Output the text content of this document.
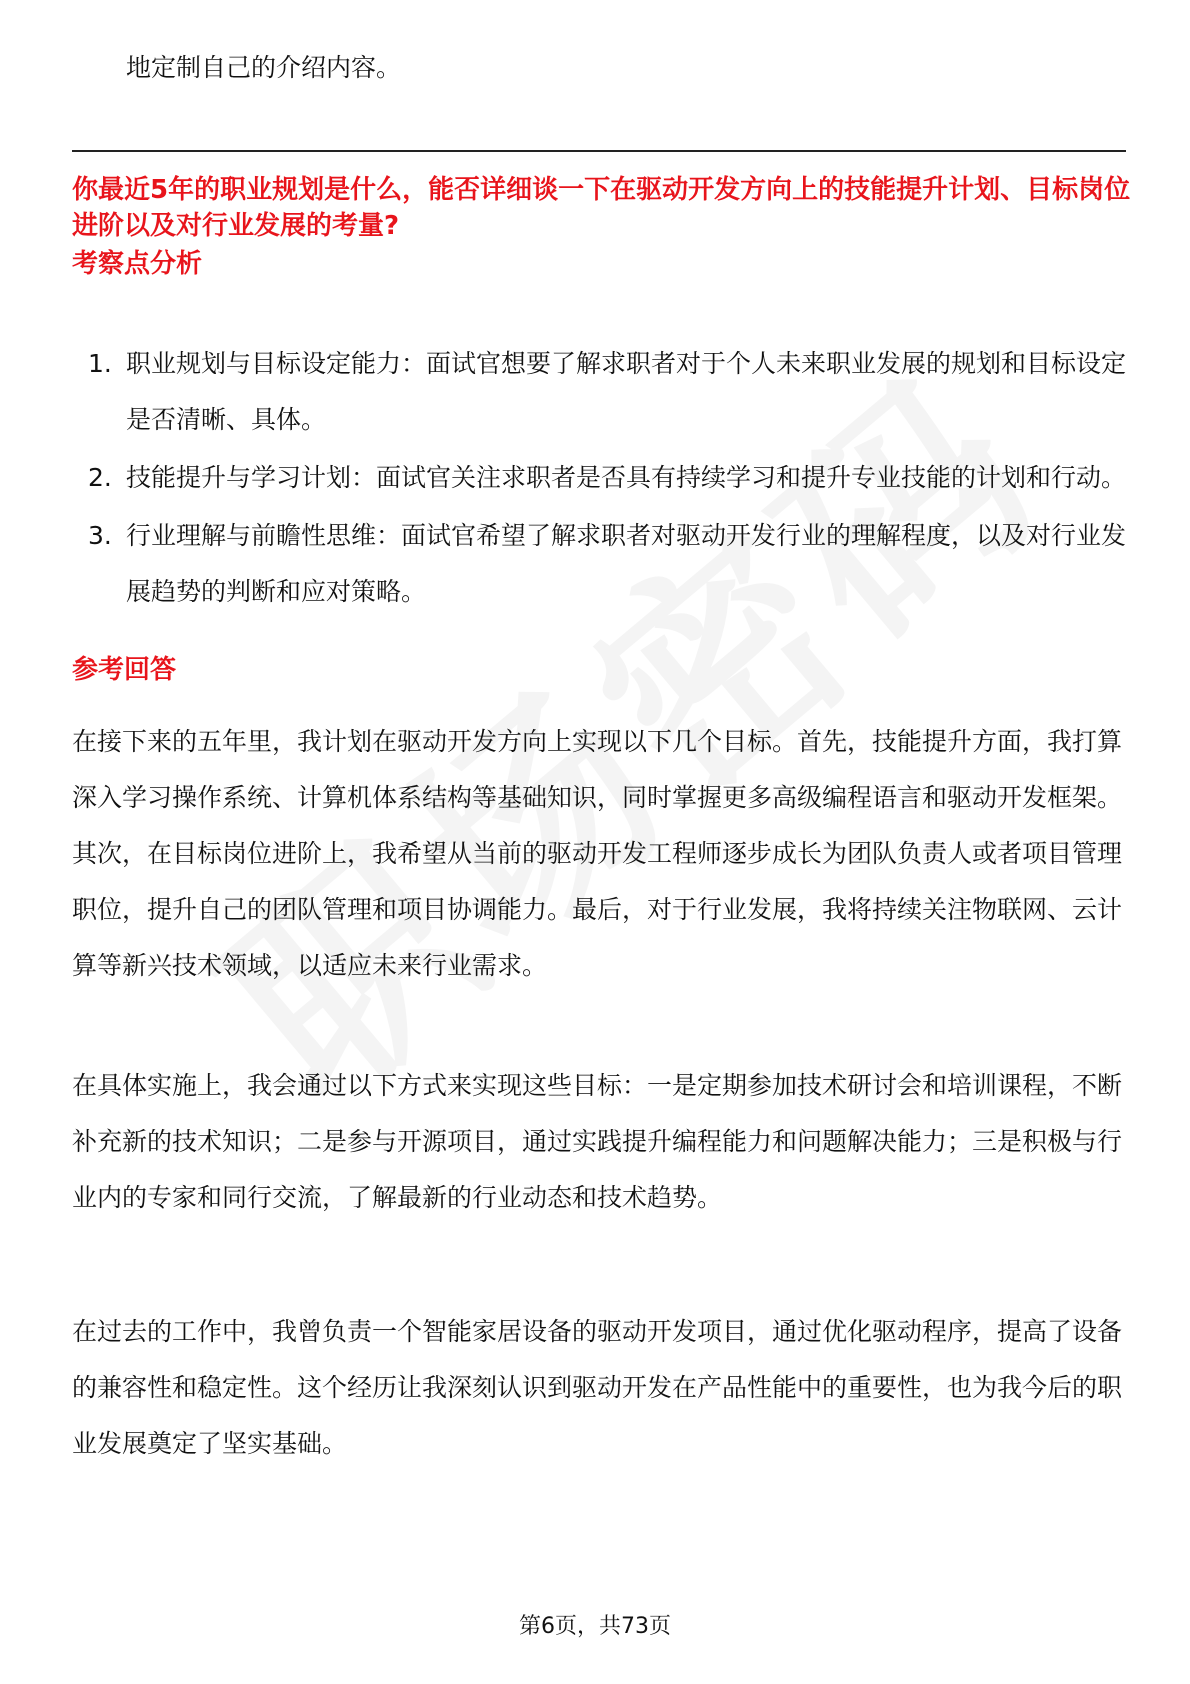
地定制自己的介绍内容。
你最近5年的职业规划是什么，能否详细谈一下在驱动开发方向上的技能提升计划、目标岗位进阶以及对行业发展的考量?
考察点分析
1. 职业规划与目标设定能力：面试官想要了解求职者对于个人未来职业发展的规划和目标设定是否清晰、具体。
2. 技能提升与学习计划：面试官关注求职者是否具有持续学习和提升专业技能的计划和行动。
3. 行业理解与前瞻性思维：面试官希望了解求职者对驱动开发行业的理解程度，以及对行业发展趋势的判断和应对策略。
参考回答

在接下来的五年里，我计划在驱动开发方向上实现以下几个目标。首先，技能提升方面，我打算深入学习操作系统、计算机体系结构等基础知识，同时掌握更多高级编程语言和驱动开发框架。其次，在目标岗位进阶上，我希望从当前的驱动开发工程师逐步成长为团队负责人或者项目管理职位，提升自己的团队管理和项目协调能力。最后，对于行业发展，我将持续关注物联网、云计算等新兴技术领域，以适应未来行业需求。

在具体实施上，我会通过以下方式来实现这些目标：一是定期参加技术研讨会和培训课程，不断补充新的技术知识；二是参与开源项目，通过实践提升编程能力和问题解决能力；三是积极与行业内的专家和同行交流，了解最新的行业动态和技术趋势。

在过去的工作中，我曾负责一个智能家居设备的驱动开发项目，通过优化驱动程序，提高了设备的兼容性和稳定性。这个经历让我深刻认识到驱动开发在产品性能中的重要性，也为我今后的职业发展奠定了坚实基础。

第6页，共73页
